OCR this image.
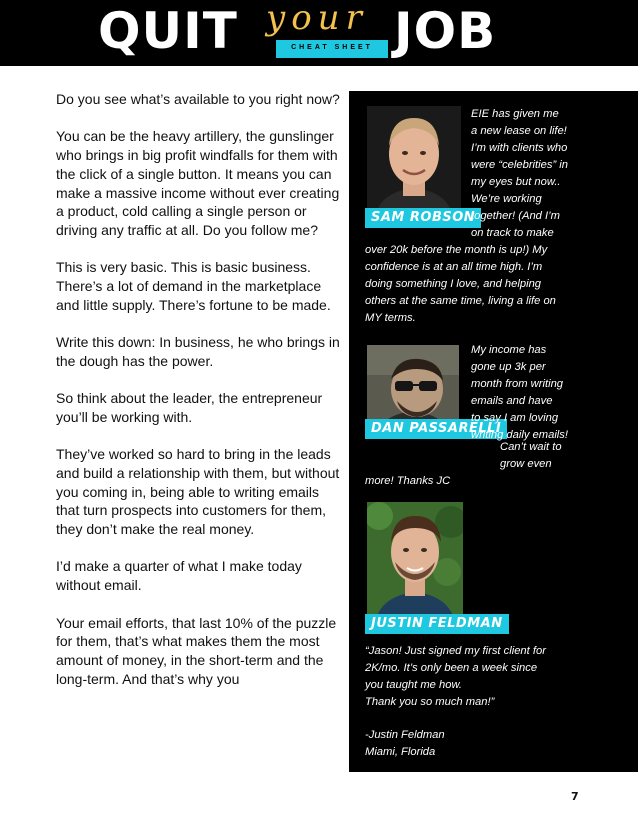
QUIT your
CHEAT SHEET JOB

Do you see what’s available to you right now?

You can be the heavy artillery, the gunslinger who brings in big profit windfalls for them with the click of a single button. It means you can make a massive income without ever creating a product, cold calling a single person or driving any traffic at all. Do you follow me?

This is very basic. This is basic business. There’s a lot of demand in the marketplace and little supply. There’s fortune to be made.

Write this down: In business, he who brings in the dough has the power.

So think about the leader, the entrepreneur you’ll be working with.

They’ve worked so hard to bring in the leads and build a relationship with them, but without you coming in, being able to writing emails that turn prospects into customers for them, they don’t make the real money.

I’d make a quarter of what I make today without email.

Your email efforts, that last 10% of the puzzle for them, that’s what makes them the most amount of money, in the short-term and the long-term. And that’s why you

SAM ROBSON
EIE has given me
a new lease on life!
I’m with clients who
were “celebrities” in
my eyes but now..
We’re working
together! (And I’m
on track to make
over 20k before the month is up!) My
confidence is at an all time high. I’m
doing something I love, and helping
others at the same time, living a life on
MY terms.
DAN PASSARELLI
My income has
gone up 3k per
month from writing
emails and have
to say I am loving
writing daily emails!
Can’t wait to
grow even
more! Thanks JC
JUSTIN FELDMAN
“Jason! Just signed my first client for
2K/mo. It’s only been a week since
you taught me how.
Thank you so much man!”
-Justin Feldman
Miami, Florida
7
